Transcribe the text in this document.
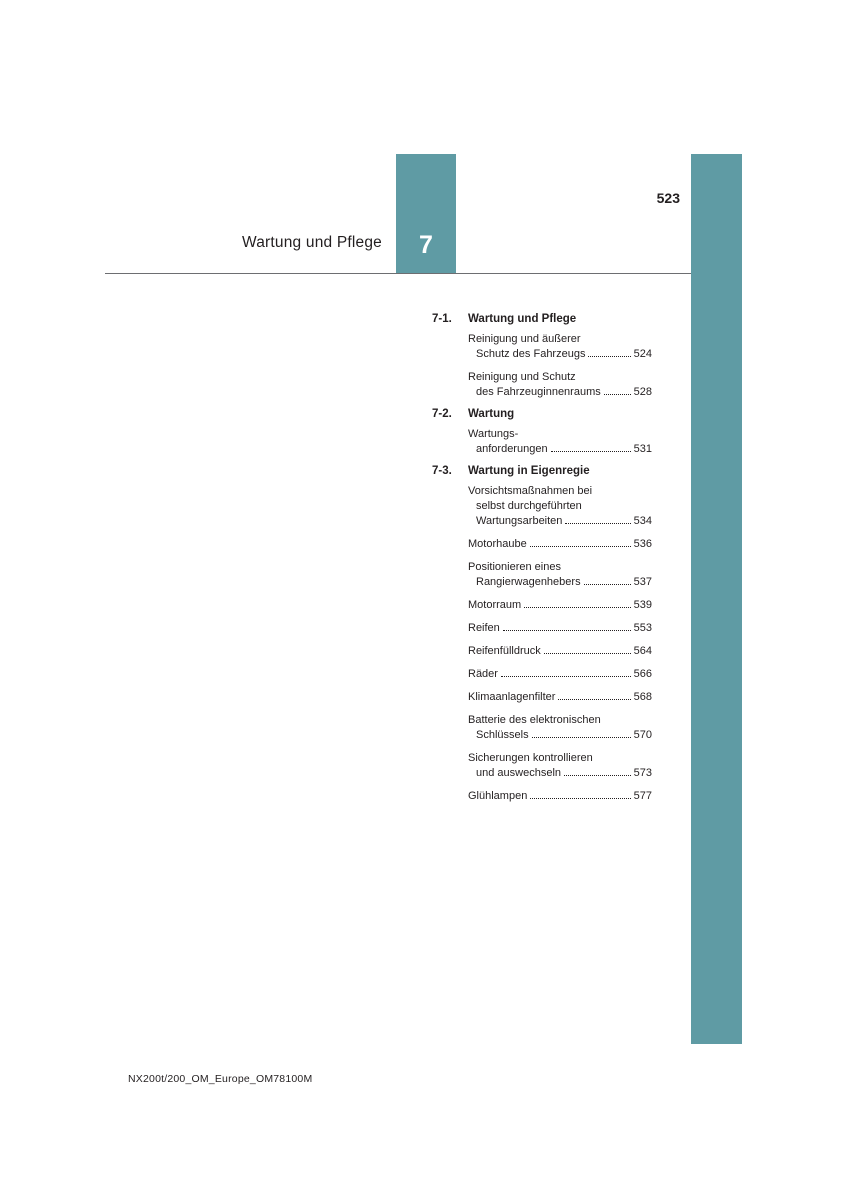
523
Wartung und Pflege	7
7-1.	Wartung und Pflege
Reinigung und äußerer
Schutz des Fahrzeugs	524
Reinigung und Schutz
des Fahrzeuginnenraums	528
7-2.	Wartung
Wartungs-
anforderungen	531
7-3.	Wartung in Eigenregie
Vorsichtsmaßnahmen bei
selbst durchgeführten
Wartungsarbeiten	534
Motorhaube	536
Positionieren eines
Rangierwagenhebers	537
Motorraum	539
Reifen	553
Reifenfülldruck	564
Räder	566
Klimaanlagenfilter	568
Batterie des elektronischen
Schlüssels	570
Sicherungen kontrollieren
und auswechseln	573
Glühlampen	577
NX200t/200_OM_Europe_OM78100M
